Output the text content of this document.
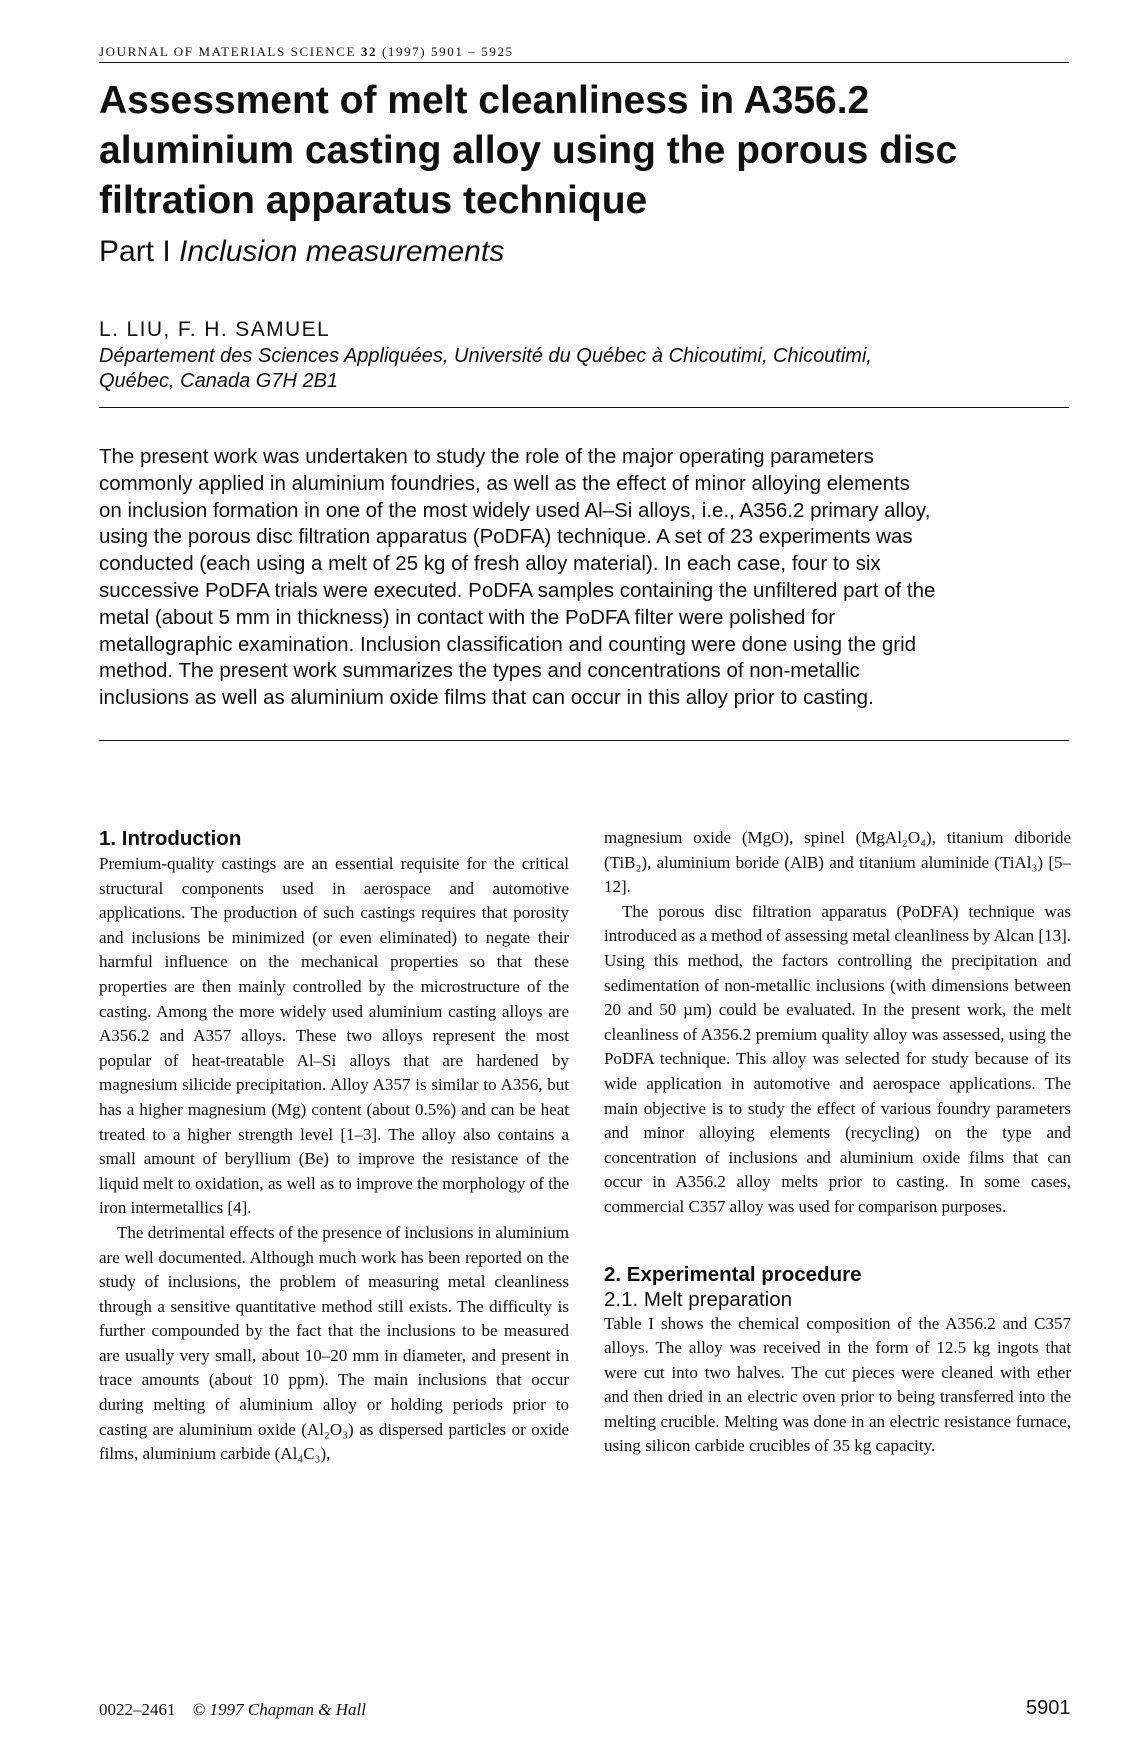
JOURNAL OF MATERIALS SCIENCE 32 (1997) 5901 – 5925
Assessment of melt cleanliness in A356.2
aluminium casting alloy using the porous disc
filtration apparatus technique
Part I Inclusion measurements
L. LIU, F. H. SAMUEL
Département des Sciences Appliquées, Université du Québec à Chicoutimi, Chicoutimi,
Québec, Canada G7H 2B1
The present work was undertaken to study the role of the major operating parameters
commonly applied in aluminium foundries, as well as the effect of minor alloying elements
on inclusion formation in one of the most widely used Al–Si alloys, i.e., A356.2 primary alloy,
using the porous disc filtration apparatus (PoDFA) technique. A set of 23 experiments was
conducted (each using a melt of 25 kg of fresh alloy material). In each case, four to six
successive PoDFA trials were executed. PoDFA samples containing the unfiltered part of the
metal (about 5 mm in thickness) in contact with the PoDFA filter were polished for
metallographic examination. Inclusion classification and counting were done using the grid
method. The present work summarizes the types and concentrations of non-metallic
inclusions as well as aluminium oxide films that can occur in this alloy prior to casting.
1. Introduction

Premium-quality castings are an essential requisite for the critical structural components used in aerospace and automotive applications. The production of such castings requires that porosity and inclusions be minimized (or even eliminated) to negate their harmful influence on the mechanical properties so that these properties are then mainly controlled by the microstructure of the casting. Among the more widely used aluminium casting alloys are A356.2 and A357 alloys. These two alloys represent the most popular of heat-treatable Al–Si alloys that are hardened by magnesium silicide precipitation. Alloy A357 is similar to A356, but has a higher magnesium (Mg) content (about 0.5%) and can be heat treated to a higher strength level [1–3]. The alloy also contains a small amount of beryllium (Be) to improve the resistance of the liquid melt to oxidation, as well as to improve the morphology of the iron intermetallics [4].

The detrimental effects of the presence of inclusions in aluminium are well documented. Although much work has been reported on the study of inclusions, the problem of measuring metal cleanliness through a sensitive quantitative method still exists. The difficulty is further compounded by the fact that the inclusions to be measured are usually very small, about 10–20 mm in diameter, and present in trace amounts (about 10 ppm). The main inclusions that occur during melting of aluminium alloy or holding periods prior to casting are aluminium oxide (Al₂O₃) as dispersed particles or oxide films, aluminium carbide (Al₄C₃),

magnesium oxide (MgO), spinel (MgAl₂O₄), titanium diboride (TiB₂), aluminium boride (AlB) and titanium aluminide (TiAl₃) [5–12].

The porous disc filtration apparatus (PoDFA) technique was introduced as a method of assessing metal cleanliness by Alcan [13]. Using this method, the factors controlling the precipitation and sedimentation of non-metallic inclusions (with dimensions between 20 and 50 µm) could be evaluated. In the present work, the melt cleanliness of A356.2 premium quality alloy was assessed, using the PoDFA technique. This alloy was selected for study because of its wide application in automotive and aerospace applications. The main objective is to study the effect of various foundry parameters and minor alloying elements (recycling) on the type and concentration of inclusions and aluminium oxide films that can occur in A356.2 alloy melts prior to casting. In some cases, commercial C357 alloy was used for comparison purposes.

2. Experimental procedure
2.1. Melt preparation

Table I shows the chemical composition of the A356.2 and C357 alloys. The alloy was received in the form of 12.5 kg ingots that were cut into two halves. The cut pieces were cleaned with ether and then dried in an electric oven prior to being transferred into the melting crucible. Melting was done in an electric resistance furnace, using silicon carbide crucibles of 35 kg capacity.

0022–2461 © 1997 Chapman & Hall	5901
